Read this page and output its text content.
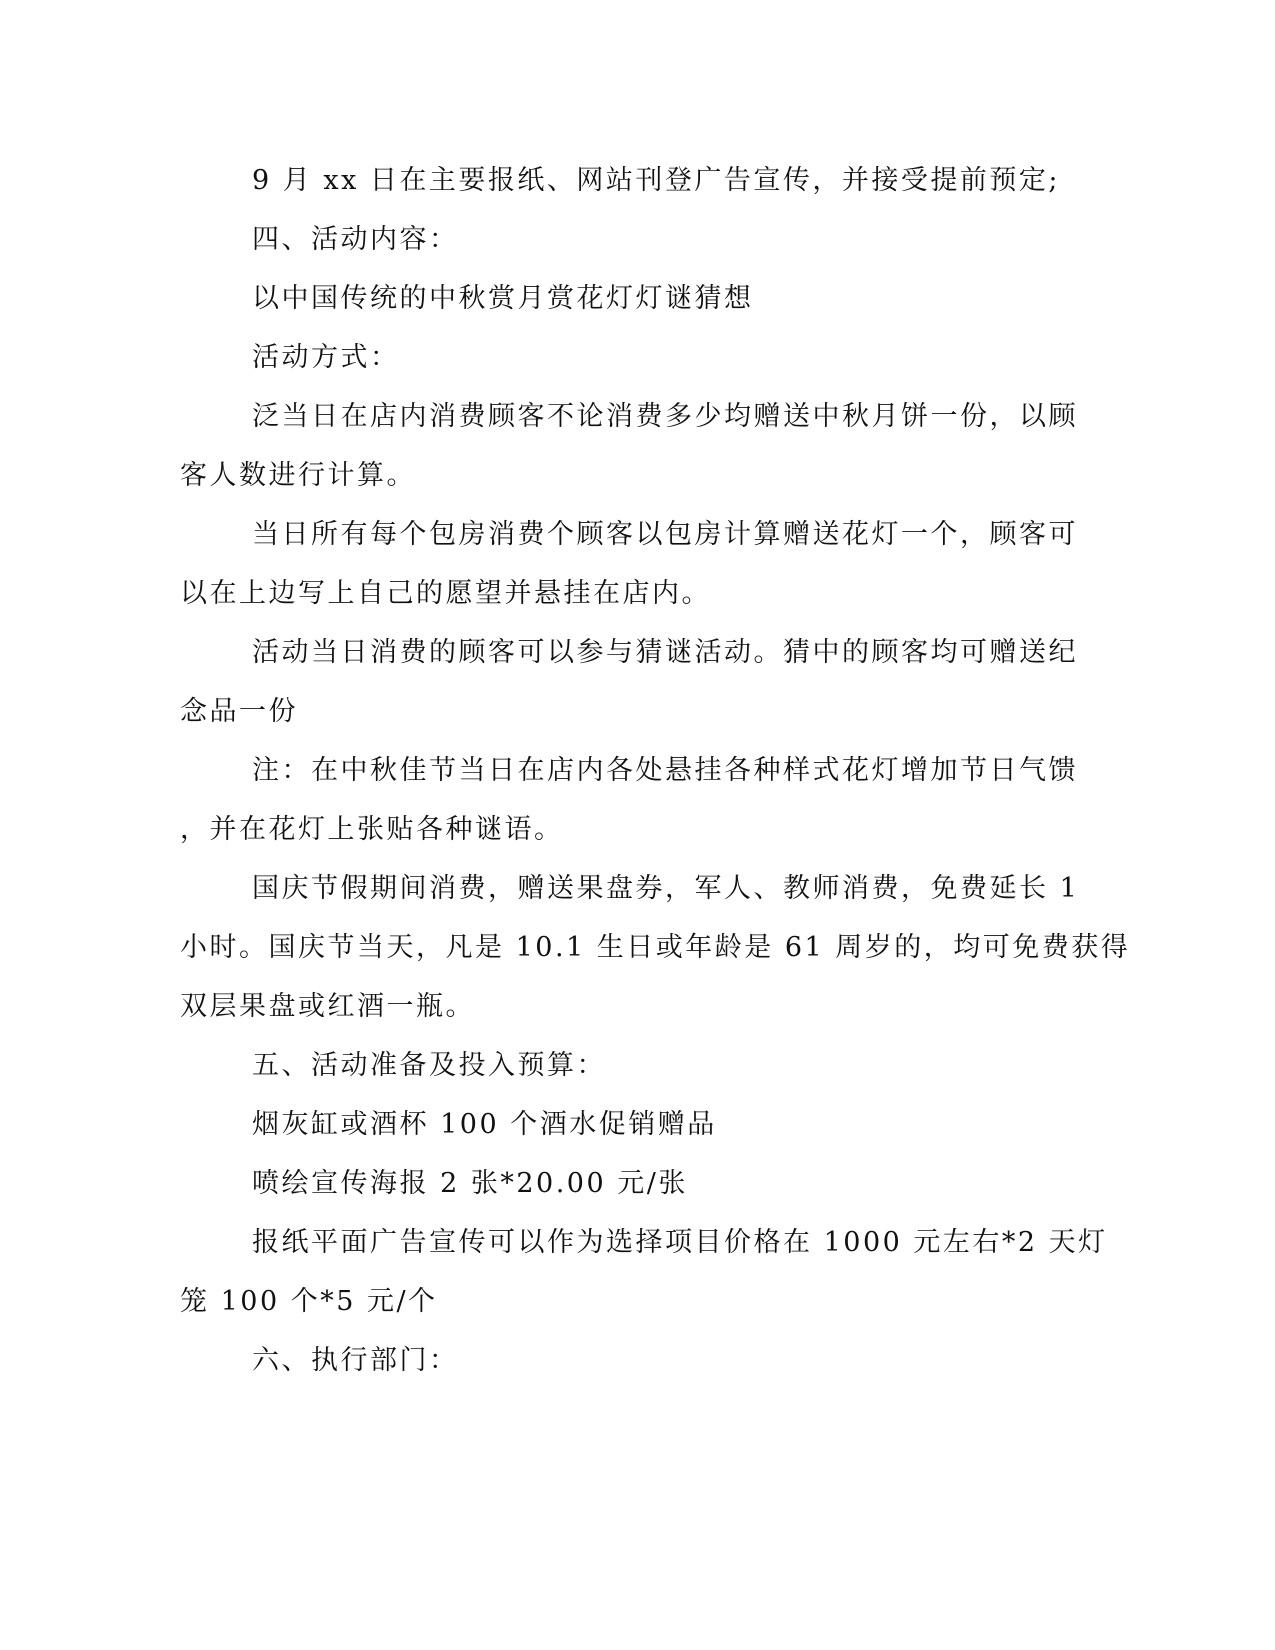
9 月 xx 日在主要报纸、网站刊登广告宣传，并接受提前预定;
四、活动内容：
以中国传统的中秋赏月赏花灯灯谜猜想
活动方式：
泛当日在店内消费顾客不论消费多少均赠送中秋月饼一份，以顾
客人数进行计算。
当日所有每个包房消费个顾客以包房计算赠送花灯一个，顾客可
以在上边写上自己的愿望并悬挂在店内。
活动当日消费的顾客可以参与猜谜活动。猜中的顾客均可赠送纪
念品一份
注：在中秋佳节当日在店内各处悬挂各种样式花灯增加节日气馈
，并在花灯上张贴各种谜语。
国庆节假期间消费，赠送果盘券，军人、教师消费，免费延长 1
小时。国庆节当天，凡是 10.1 生日或年龄是 61 周岁的，均可免费获得
双层果盘或红酒一瓶。
五、活动准备及投入预算：
烟灰缸或酒杯 100 个酒水促销赠品
喷绘宣传海报 2 张*20.00 元/张
报纸平面广告宣传可以作为选择项目价格在 1000 元左右*2 天灯
笼 100 个*5 元/个
六、执行部门：
